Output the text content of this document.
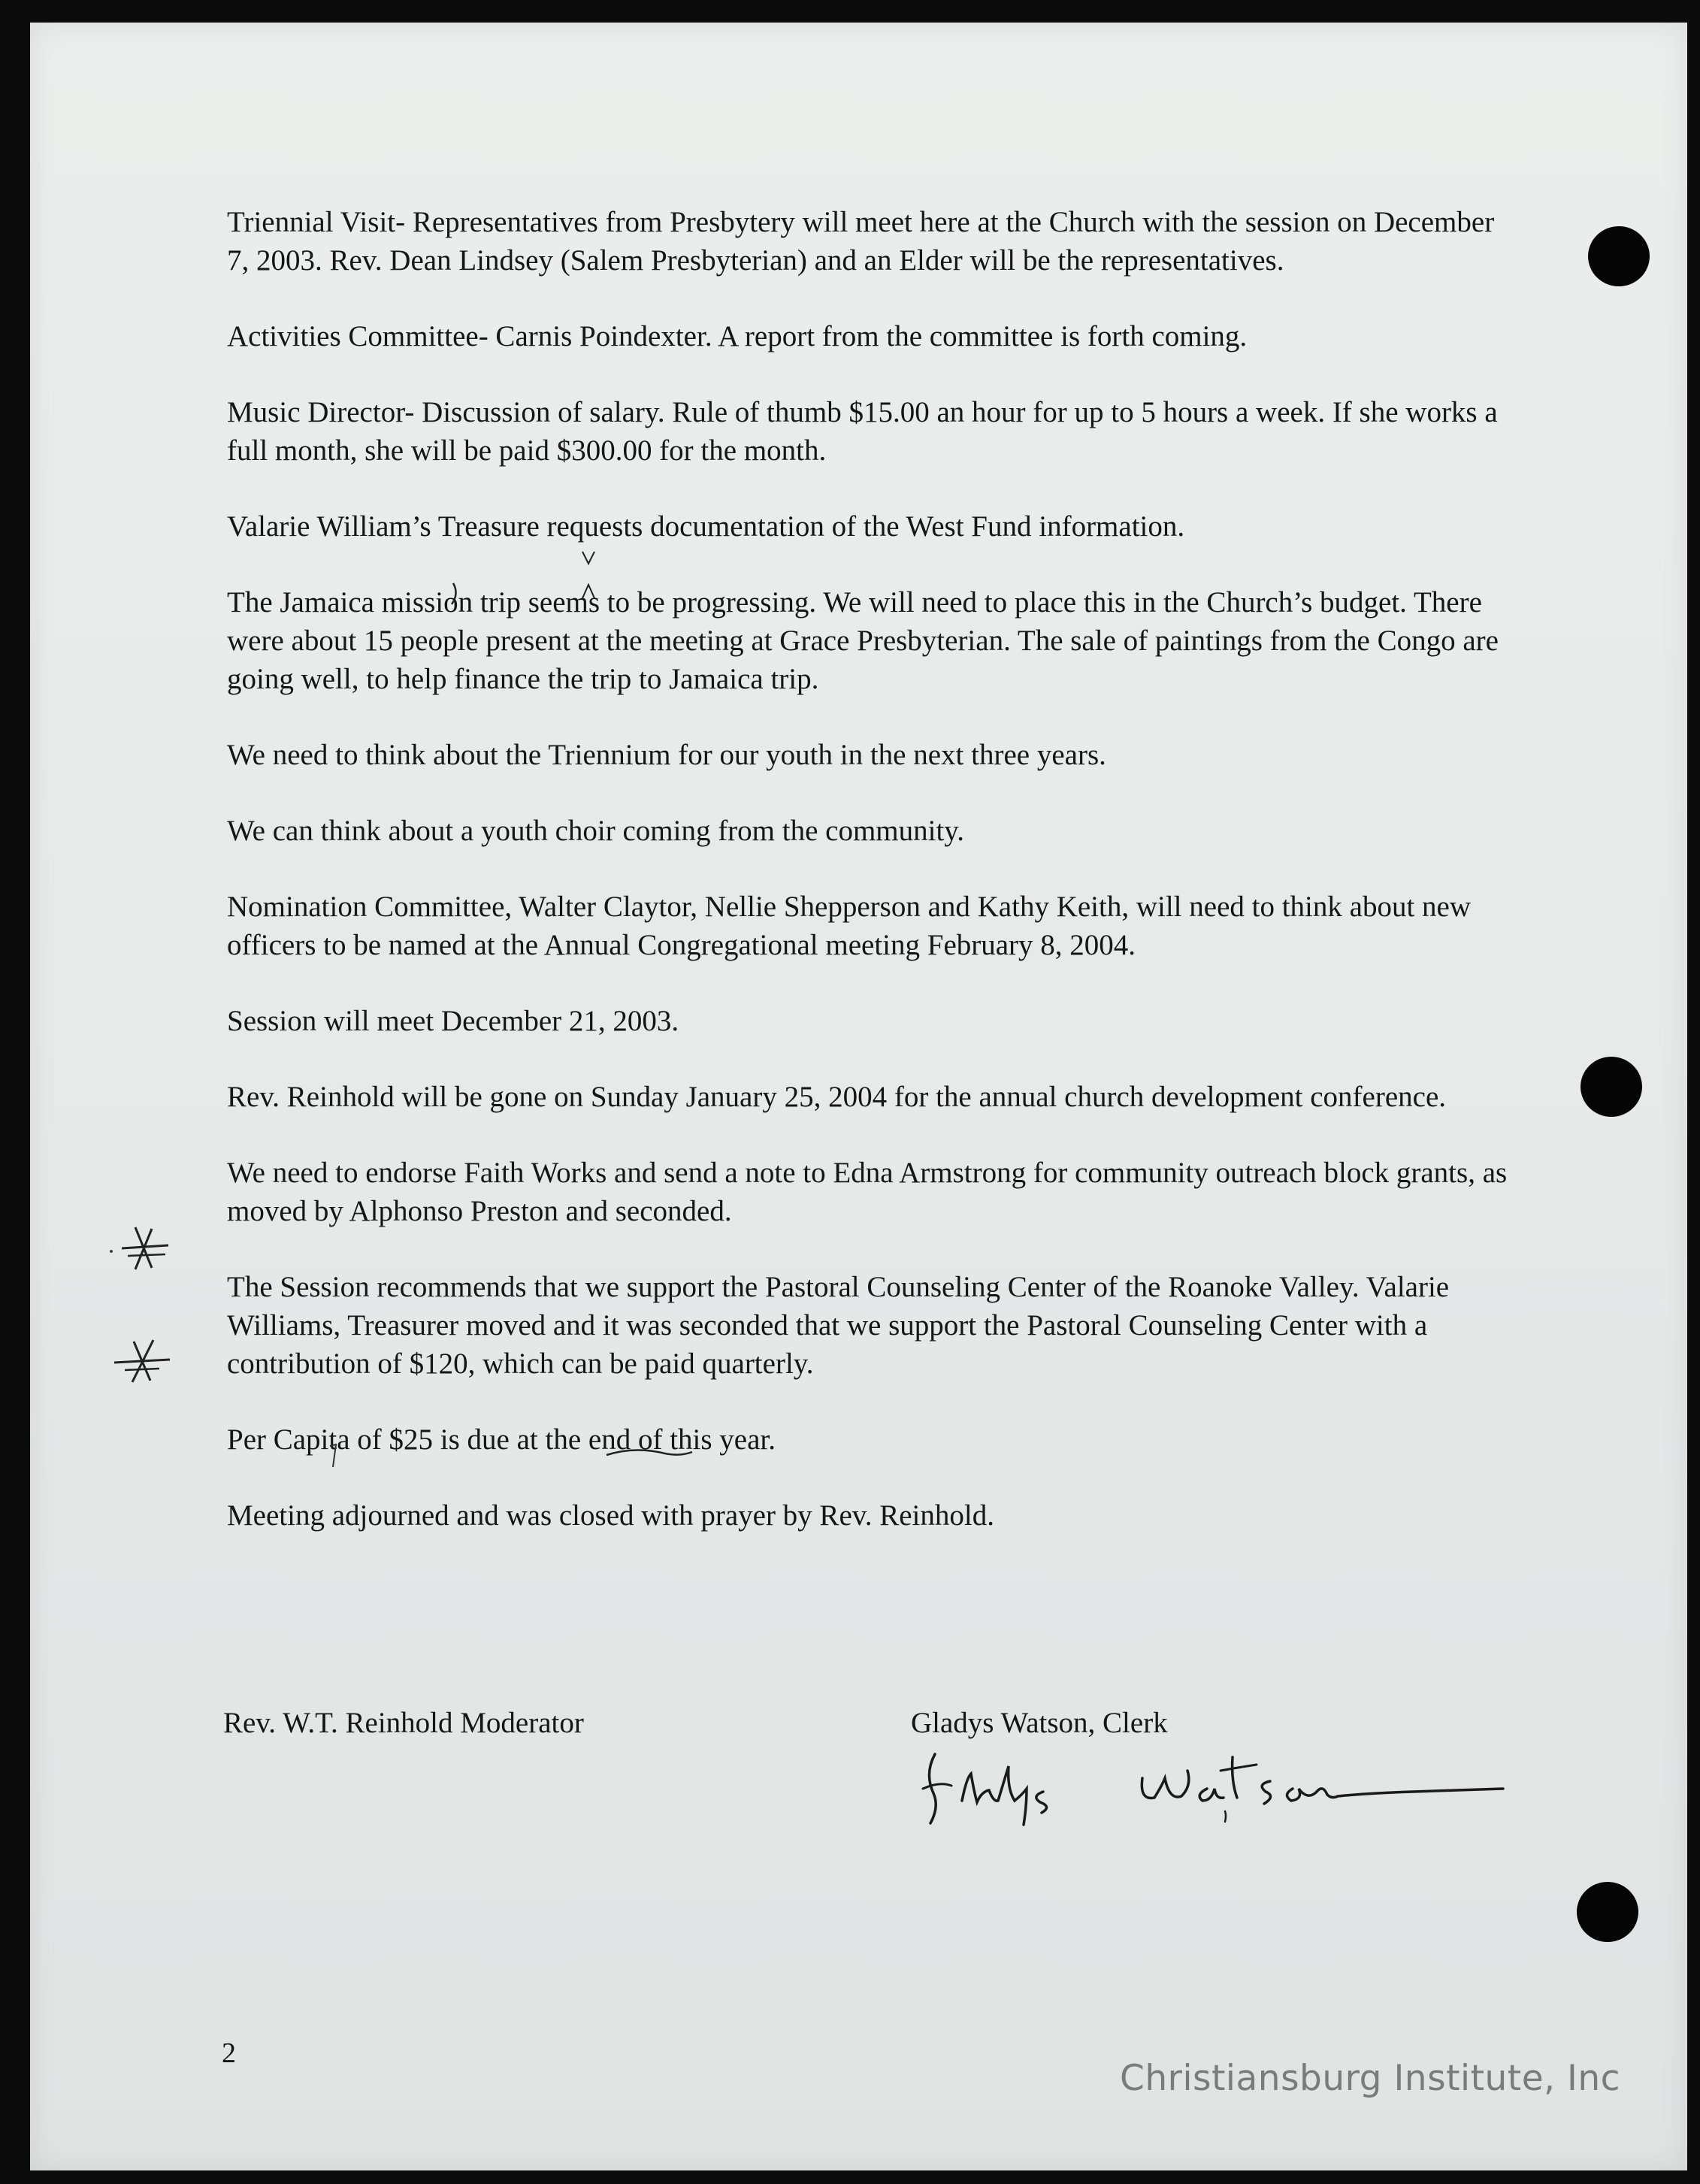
Triennial Visit- Representatives from Presbytery will meet here at the Church with the session on December 7, 2003. Rev. Dean Lindsey (Salem Presbyterian) and an Elder will be the representatives.

Activities Committee- Carnis Poindexter. A report from the committee is forth coming.

Music Director- Discussion of salary. Rule of thumb $15.00 an hour for up to 5 hours a week. If she works a full month, she will be paid $300.00 for the month.

Valarie William’s Treasure requests documentation of the West Fund information.

The Jamaica mission trip seems to be progressing. We will need to place this in the Church’s budget. There were about 15 people present at the meeting at Grace Presbyterian. The sale of paintings from the Congo are going well, to help finance the trip to Jamaica trip.

We need to think about the Triennium for our youth in the next three years.

We can think about a youth choir coming from the community.

Nomination Committee, Walter Claytor, Nellie Shepperson and Kathy Keith, will need to think about new officers to be named at the Annual Congregational meeting February 8, 2004.

Session will meet December 21, 2003.

Rev. Reinhold will be gone on Sunday January 25, 2004 for the annual church development conference.

We need to endorse Faith Works and send a note to Edna Armstrong for community outreach block grants, as moved by Alphonso Preston and seconded.

The Session recommends that we support the Pastoral Counseling Center of the Roanoke Valley. Valarie Williams, Treasurer moved and it was seconded that we support the Pastoral Counseling Center with a contribution of $120, which can be paid quarterly.

Per Capita of $25 is due at the end of this year.

Meeting adjourned and was closed with prayer by Rev. Reinhold.

Rev. W.T. Reinhold Moderator	Gladys Watson, Clerk
2
Christiansburg Institute, Inc
